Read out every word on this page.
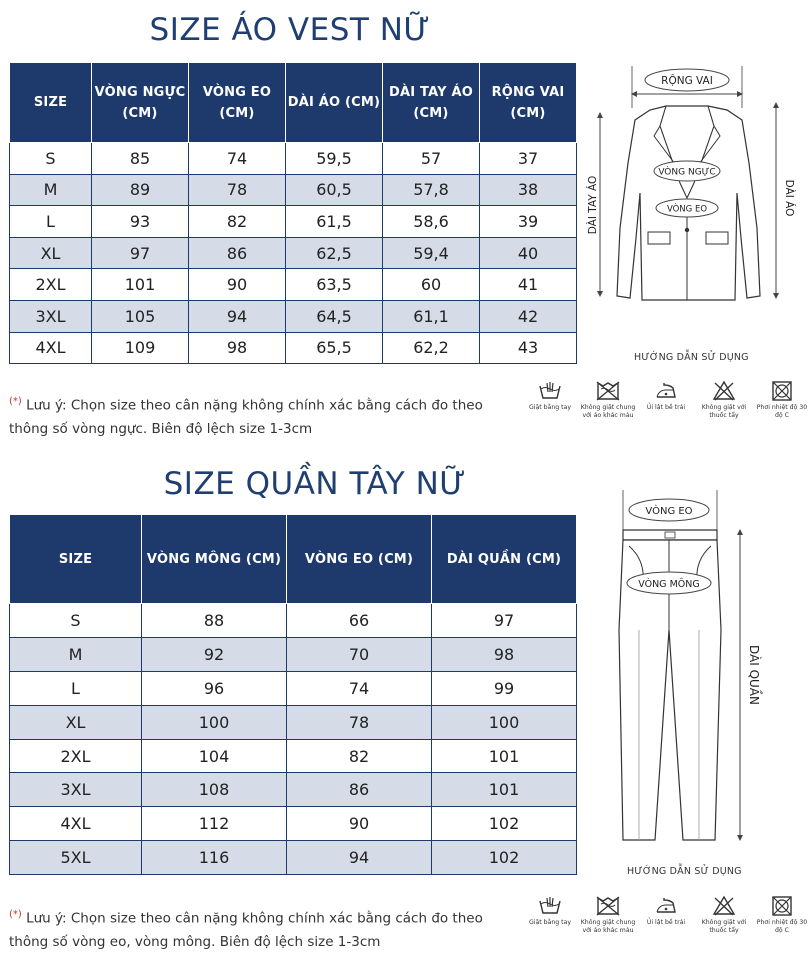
SIZE ÁO VEST NỮ
SIZE	VÒNG NGỰC (CM)	VÒNG EO (CM)	DÀI ÁO (CM)	DÀI TAY ÁO (CM)	RỘNG VAI (CM)
S	85	74	59,5	57	37
M	89	78	60,5	57,8	38
L	93	82	61,5	58,6	39
XL	97	86	62,5	59,4	40
2XL	101	90	63,5	60	41
3XL	105	94	64,5	61,1	42
4XL	109	98	65,5	62,2	43
(*) Lưu ý: Chọn size theo cân nặng không chính xác bằng cách đo theo thông số vòng ngực. Biên độ lệch size 1-3cm
RỘNG VAI
VÒNG NGỰC
VÒNG EO
DÀI TAY ÁO	DÀI ÁO
HƯỚNG DẪN SỬ DỤNG
Giặt bằng tay	Không giặt chung với áo khác màu
Ủi lật bề trái	Không giặt với thuốc tẩy
Phơi nhiệt độ 30 độ C
SIZE QUẦN TÂY NỮ
SIZE	VÒNG MÔNG (CM)	VÒNG EO (CM)	DÀI QUẦN (CM)
S	88	66	97
M	92	70	98
L	96	74	99
XL	100	78	100
2XL	104	82	101
3XL	108	86	101
4XL	112	90	102
5XL	116	94	102
(*) Lưu ý: Chọn size theo cân nặng không chính xác bằng cách đo theo thông số vòng eo, vòng mông. Biên độ lệch size 1-3cm
VÒNG EO
VÒNG MÔNG
DÀI QUẦN
HƯỚNG DẪN SỬ DỤNG
Giặt bằng tay	Không giặt chung với áo khác màu
Ủi lật bề trái	Không giặt với thuốc tẩy
Phơi nhiệt độ 30 độ C
